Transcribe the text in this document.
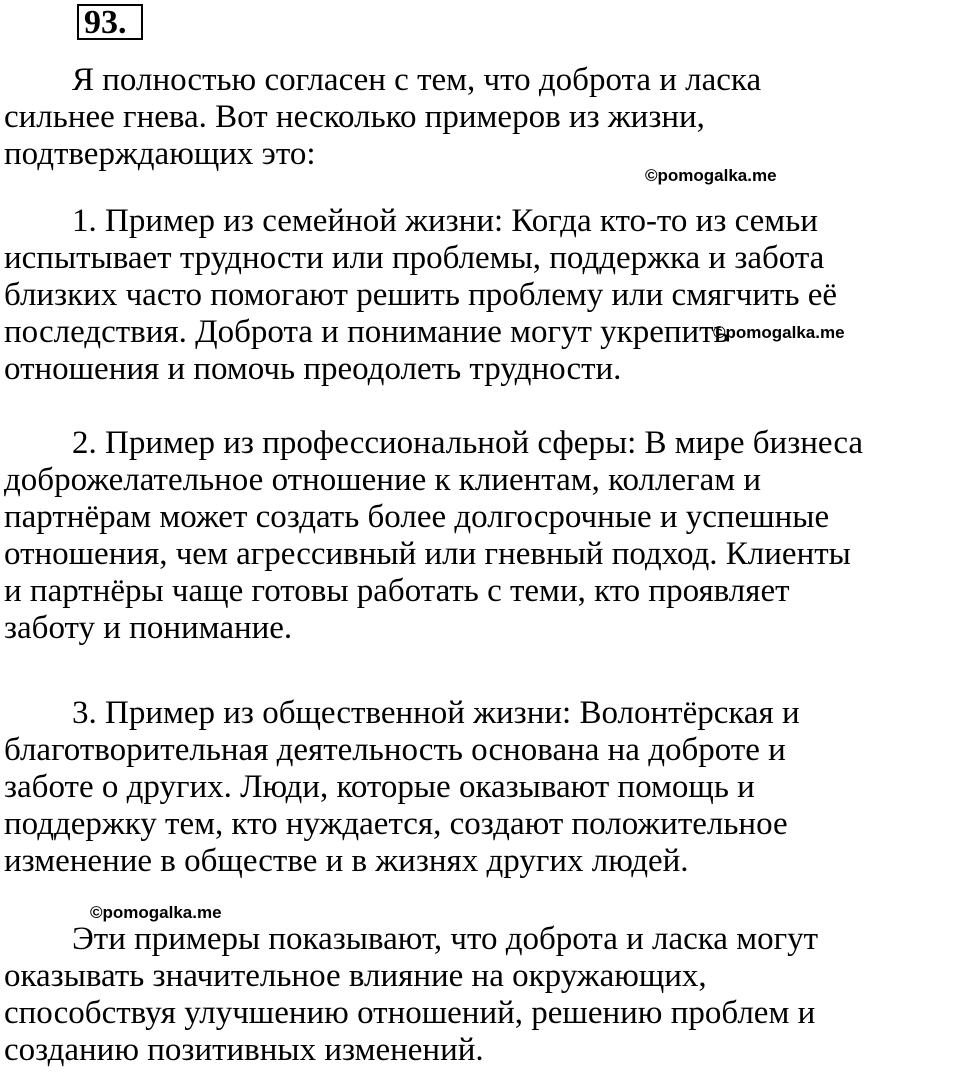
93.
Я полностью согласен с тем, что доброта и ласка
сильнее гнева. Вот несколько примеров из жизни,
подтверждающих это:
1. Пример из семейной жизни: Когда кто-то из семьи
испытывает трудности или проблемы, поддержка и забота
близких часто помогают решить проблему или смягчить её
последствия. Доброта и понимание могут укрепить
отношения и помочь преодолеть трудности.
2. Пример из профессиональной сферы: В мире бизнеса
доброжелательное отношение к клиентам, коллегам и
партнёрам может создать более долгосрочные и успешные
отношения, чем агрессивный или гневный подход. Клиенты
и партнёры чаще готовы работать с теми, кто проявляет
заботу и понимание.
3. Пример из общественной жизни: Волонтёрская и
благотворительная деятельность основана на доброте и
заботе о других. Люди, которые оказывают помощь и
поддержку тем, кто нуждается, создают положительное
изменение в обществе и в жизнях других людей.
Эти примеры показывают, что доброта и ласка могут
оказывать значительное влияние на окружающих,
способствуя улучшению отношений, решению проблем и
созданию позитивных изменений.
©pomogalka.me
©pomogalka.me
©pomogalka.me
